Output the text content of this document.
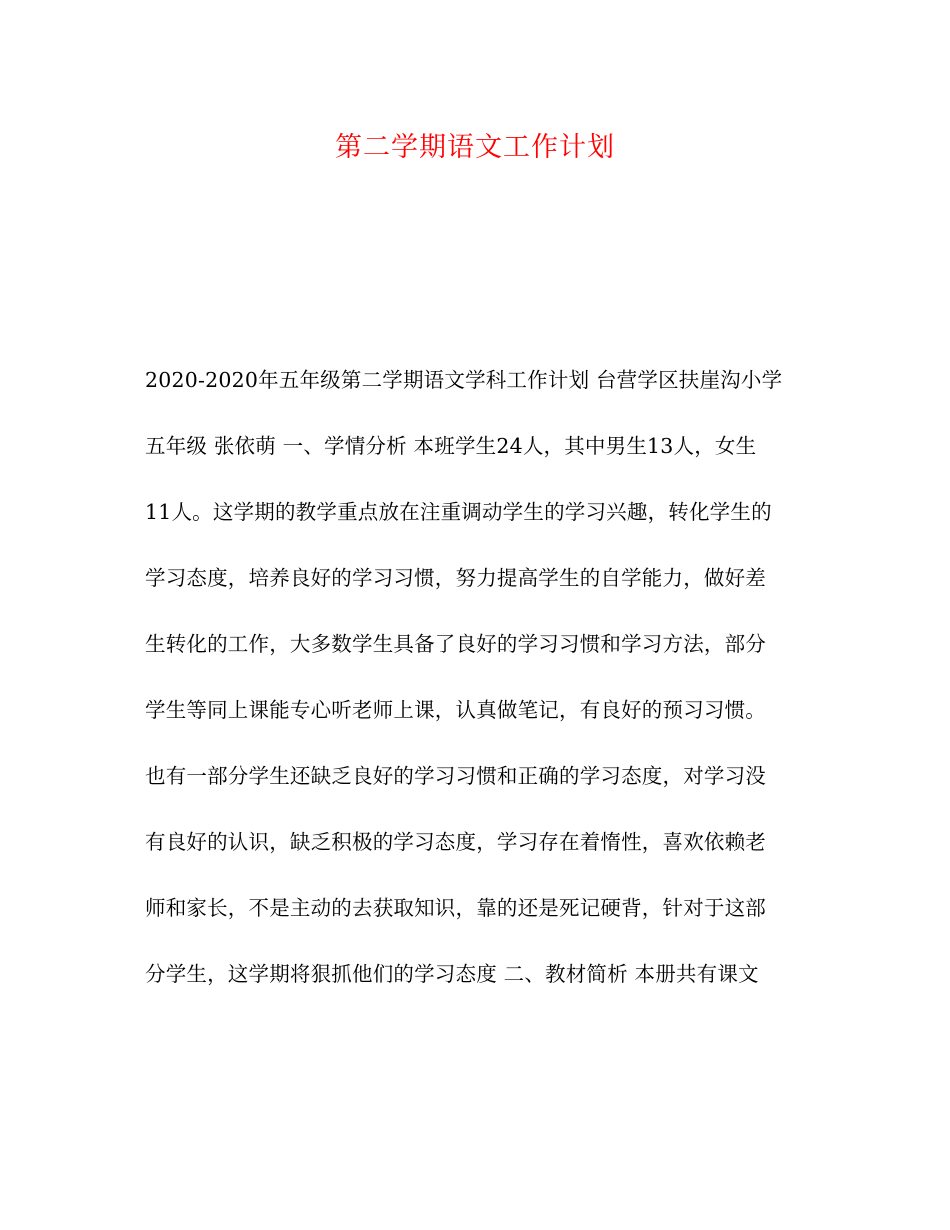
第二学期语文工作计划
2020-2020年五年级第二学期语文学科工作计划 台营学区扶崖沟小学
五年级 张依萌 一、学情分析 本班学生24人，其中男生13人，女生
11人。这学期的教学重点放在注重调动学生的学习兴趣，转化学生的
学习态度，培养良好的学习习惯，努力提高学生的自学能力，做好差
生转化的工作，大多数学生具备了良好的学习习惯和学习方法，部分
学生等同上课能专心听老师上课，认真做笔记，有良好的预习习惯。
也有一部分学生还缺乏良好的学习习惯和正确的学习态度，对学习没
有良好的认识，缺乏积极的学习态度，学习存在着惰性，喜欢依赖老
师和家长，不是主动的去获取知识，靠的还是死记硬背，针对于这部
分学生，这学期将狠抓他们的学习态度 二、教材简析 本册共有课文
